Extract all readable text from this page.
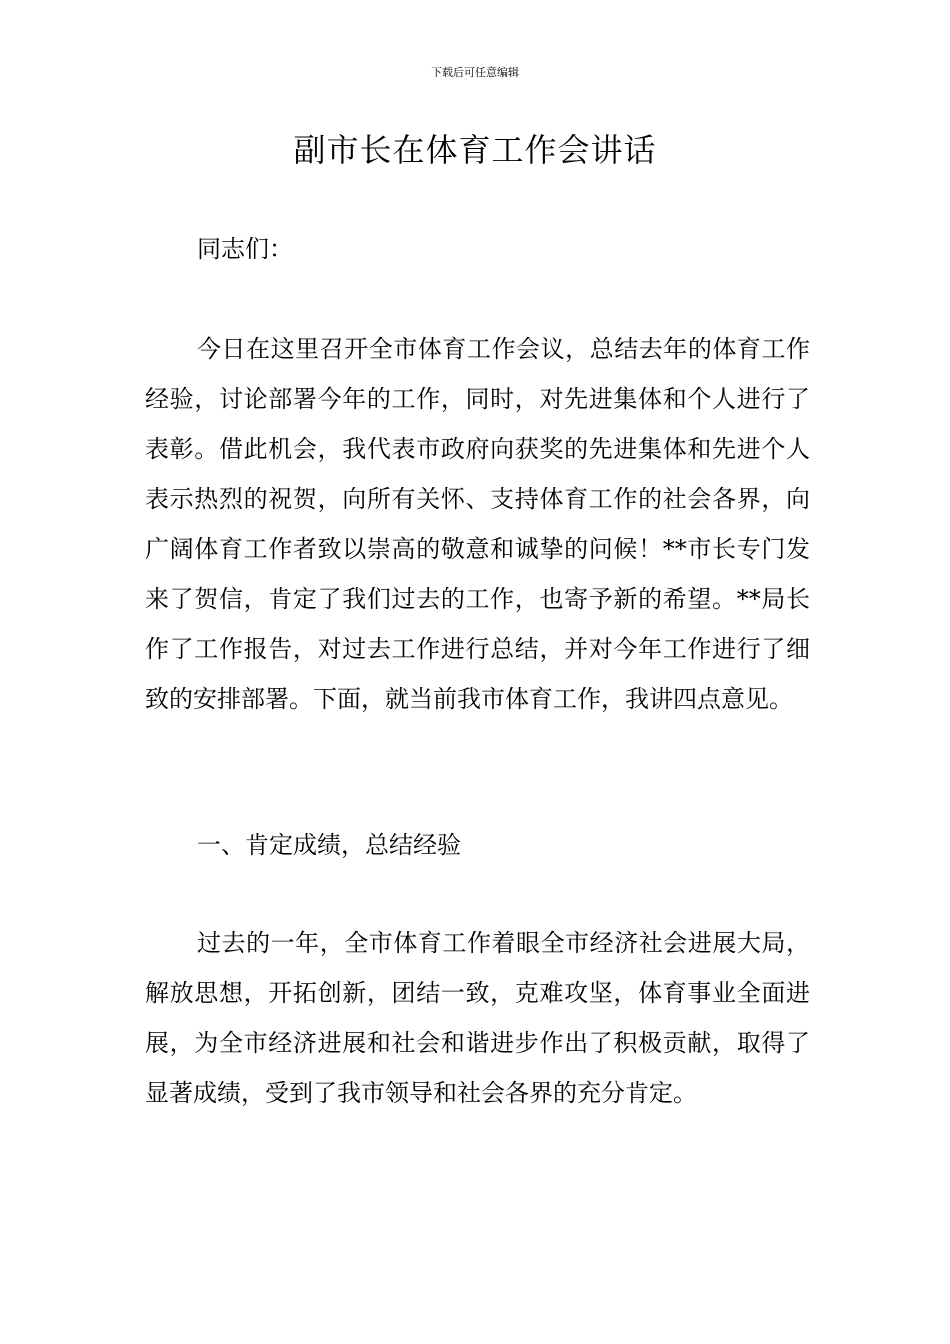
下载后可任意编辑
副市长在体育工作会讲话

同志们：

今日在这里召开全市体育工作会议，总结去年的体育工作经验，讨论部署今年的工作，同时，对先进集体和个人进行了表彰。借此机会，我代表市政府向获奖的先进集体和先进个人表示热烈的祝贺，向所有关怀、支持体育工作的社会各界，向广阔体育工作者致以崇高的敬意和诚挚的问候！**市长专门发来了贺信，肯定了我们过去的工作，也寄予新的希望。**局长作了工作报告，对过去工作进行总结，并对今年工作进行了细致的安排部署。下面，就当前我市体育工作，我讲四点意见。

一、肯定成绩，总结经验

过去的一年，全市体育工作着眼全市经济社会进展大局，解放思想，开拓创新，团结一致，克难攻坚，体育事业全面进展，为全市经济进展和社会和谐进步作出了积极贡献，取得了显著成绩，受到了我市领导和社会各界的充分肯定。
